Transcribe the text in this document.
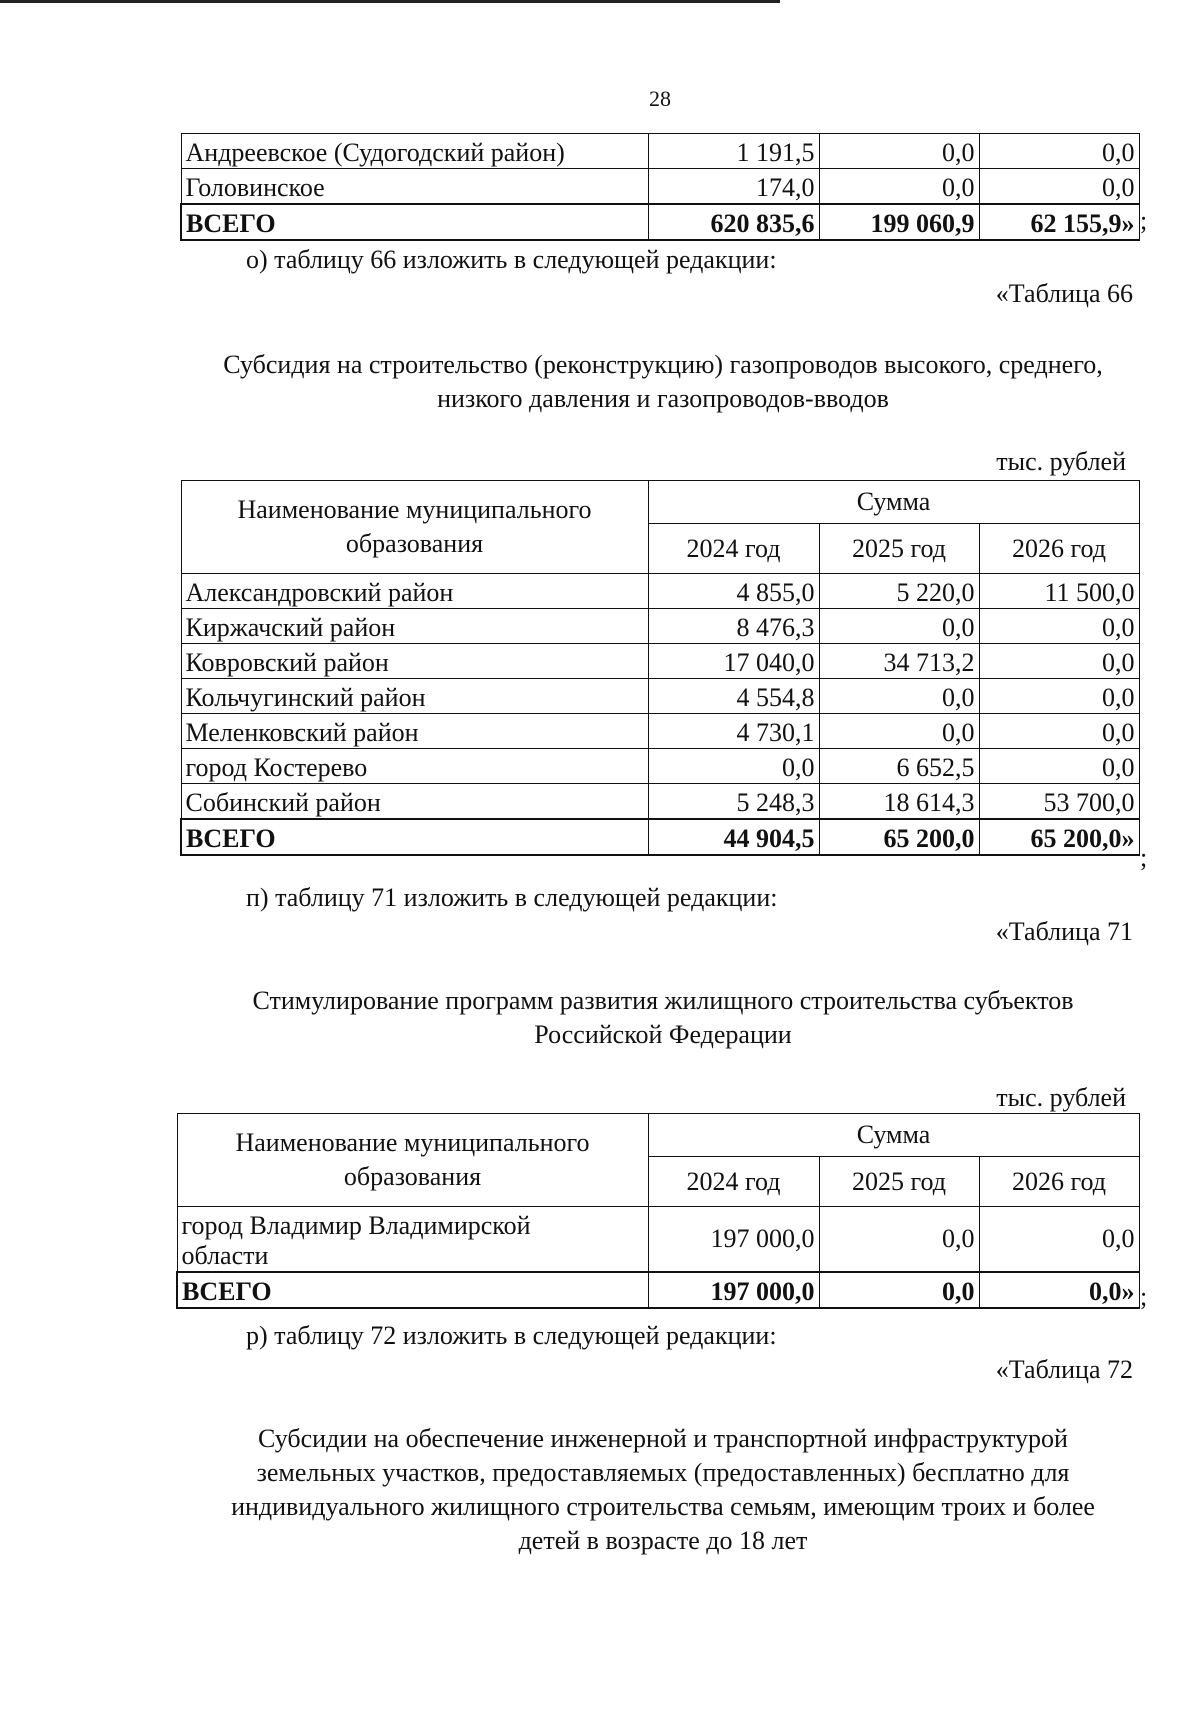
28
Андреевское (Судогодский район)	1 191,5	0,0	0,0
Головинское	174,0	0,0	0,0
ВСЕГО	620 835,6	199 060,9	62 155,9» ;
о) таблицу 66 изложить в следующей редакции:
«Таблица 66
Субсидия на строительство (реконструкцию) газопроводов высокого, среднего,
низкого давления и газопроводов-вводов
тыс. рублей
Наименование муниципального
образования	Сумма		
	2024 год	2025 год	2026 год
Александровский район	4 855,0	5 220,0	11 500,0
Киржачский район	8 476,3	0,0	0,0
Ковровский район	17 040,0	34 713,2	0,0
Кольчугинский район	4 554,8	0,0	0,0
Меленковский район	4 730,1	0,0	0,0
город Костерево	0,0	6 652,5	0,0
Собинский район	5 248,3	18 614,3	53 700,0
ВСЕГО	44 904,5	65 200,0	65 200,0»
;
п) таблицу 71 изложить в следующей редакции:
«Таблица 71
Стимулирование программ развития жилищного строительства субъектов
Российской Федерации
тыс. рублей
Наименование муниципального
образования	Сумма		
	2024 год	2025 год	2026 год

город Владимир Владимирской
области	197 000,0	0,0	0,0
ВСЕГО	197 000,0	0,0	0,0» ;
р) таблицу 72 изложить в следующей редакции:
«Таблица 72
Субсидии на обеспечение инженерной и транспортной инфраструктурой
земельных участков, предоставляемых (предоставленных) бесплатно для
индивидуального жилищного строительства семьям, имеющим троих и более
детей в возрасте до 18 лет
